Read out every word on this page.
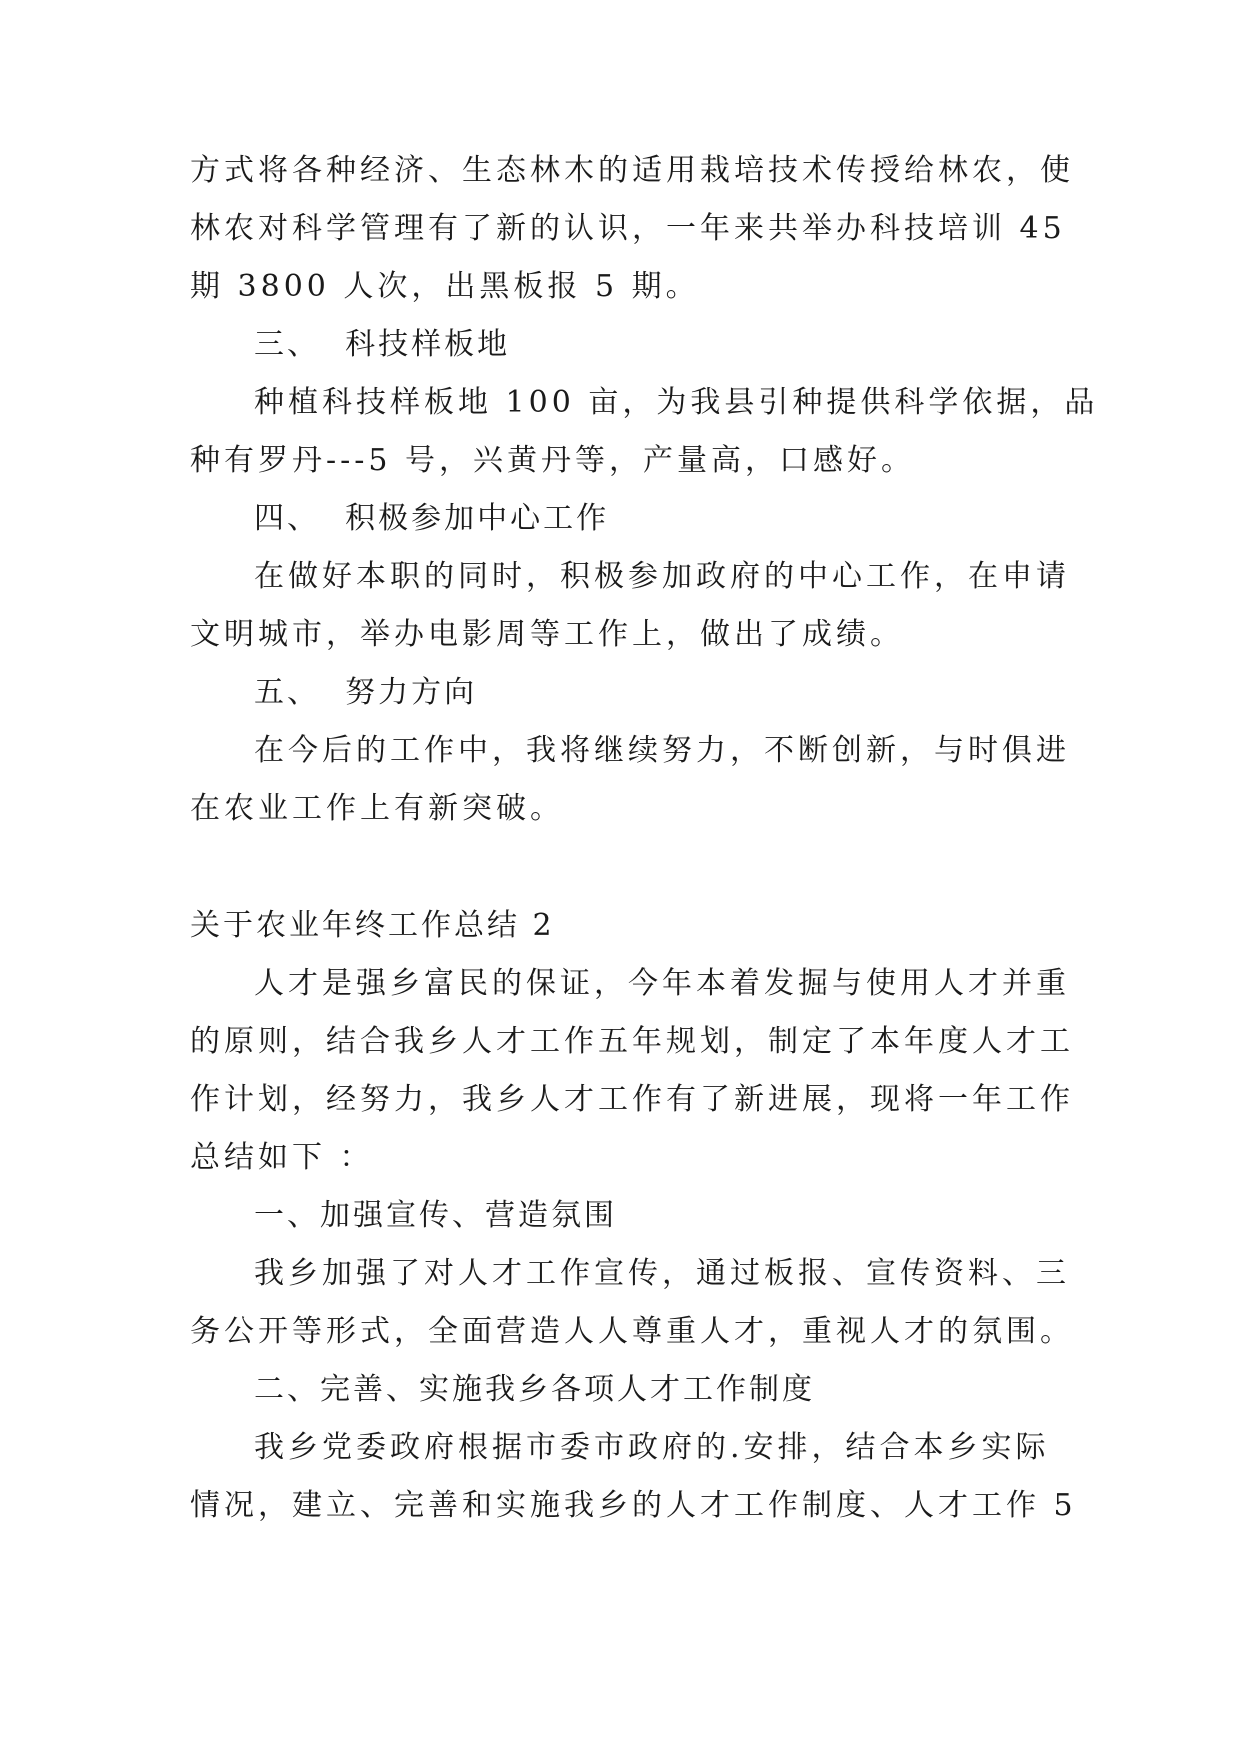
方式将各种经济、生态林木的适用栽培技术传授给林农，使

林农对科学管理有了新的认识，一年来共举办科技培训 45

期 3800 人次，出黑板报 5 期。

三、  科技样板地

种植科技样板地 100 亩，为我县引种提供科学依据，品

种有罗丹---5 号，兴黄丹等，产量高，口感好。

四、  积极参加中心工作

在做好本职的同时，积极参加政府的中心工作，在申请

文明城市，举办电影周等工作上，做出了成绩。

五、  努力方向

在今后的工作中，我将继续努力，不断创新，与时俱进

在农业工作上有新突破。

关于农业年终工作总结 2

人才是强乡富民的保证，今年本着发掘与使用人才并重

的原则，结合我乡人才工作五年规划，制定了本年度人才工

作计划，经努力，我乡人才工作有了新进展，现将一年工作

总结如下 ：

一、加强宣传、营造氛围

我乡加强了对人才工作宣传，通过板报、宣传资料、三

务公开等形式，全面营造人人尊重人才，重视人才的氛围。

二、完善、实施我乡各项人才工作制度

我乡党委政府根据市委市政府的.安排，结合本乡实际

情况，建立、完善和实施我乡的人才工作制度、人才工作 5
